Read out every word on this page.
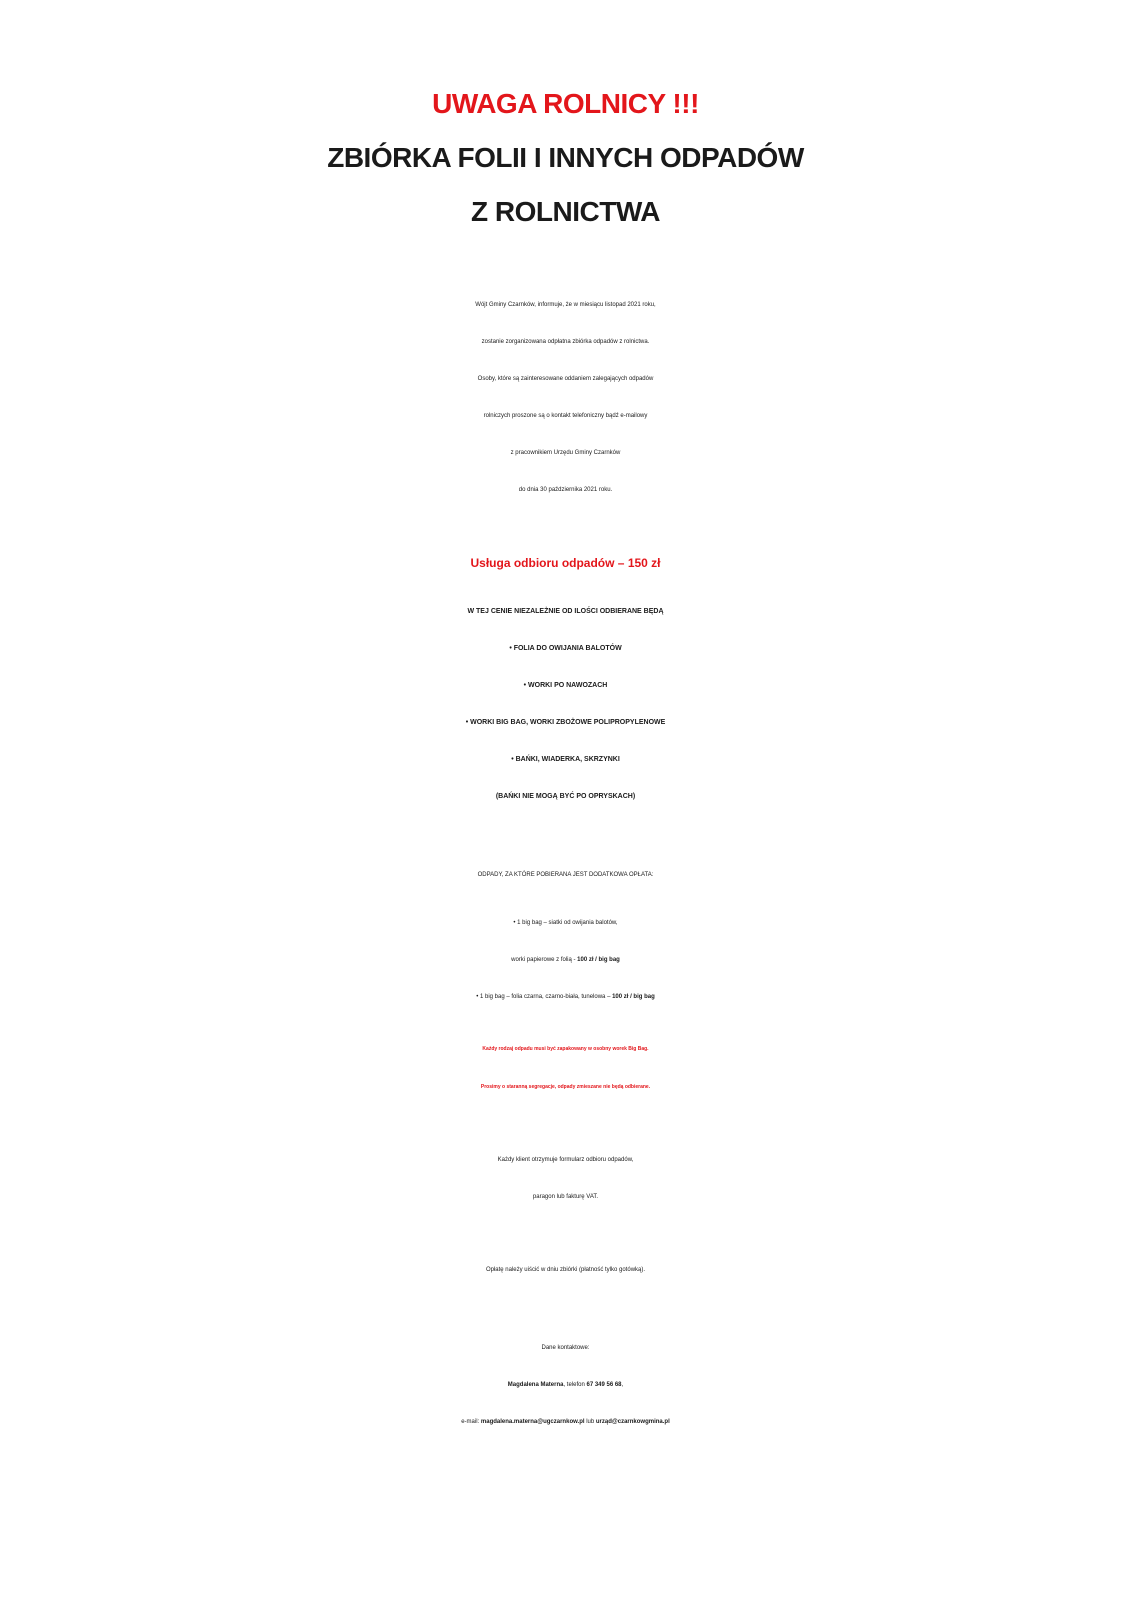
UWAGA ROLNICY !!!
ZBIÓRKA FOLII I INNYCH ODPADÓW
Z ROLNICTWA
Wójt Gminy Czarnków, informuje, że w miesiącu listopad 2021 roku,
zostanie zorganizowana odpłatna zbiórka odpadów z rolnictwa.
Osoby, które są zainteresowane oddaniem zalegających odpadów
rolniczych proszone są o kontakt telefoniczny bądź e-mailowy
z pracownikiem Urzędu Gminy Czarnków
do dnia 30 października 2021 roku.
Usługa odbioru odpadów – 150 zł
W TEJ CENIE NIEZALEŻNIE OD ILOŚCI ODBIERANE BĘDĄ
• FOLIA DO OWIJANIA BALOTÓW
• WORKI PO NAWOZACH
• WORKI BIG BAG, WORKI ZBOŻOWE POLIPROPYLENOWE
• BAŃKI, WIADERKA, SKRZYNKI
(BAŃKI NIE MOGĄ BYĆ PO OPRYSKACH)
ODPADY, ZA KTÓRE POBIERANA JEST DODATKOWA OPŁATA:
• 1 big bag – siatki od owijania balotów,
worki papierowe z folią - 100 zł / big bag
• 1 big bag – folia czarna, czarno-biała, tunelowa – 100 zł / big bag
Każdy rodzaj odpadu musi być zapakowany w osobny worek Big Bag.
Prosimy o staranną segregacje, odpady zmieszane nie będą odbierane.
Każdy klient otrzymuje formularz odbioru odpadów,
paragon lub fakturę VAT.
Opłatę należy uiścić w dniu zbiórki (płatność tylko gotówką).
Dane kontaktowe:
Magdalena Materna, telefon 67 349 56 68,
e-mail: magdalena.materna@ugczarnkow.pl lub urząd@czarnkowgmina.pl
